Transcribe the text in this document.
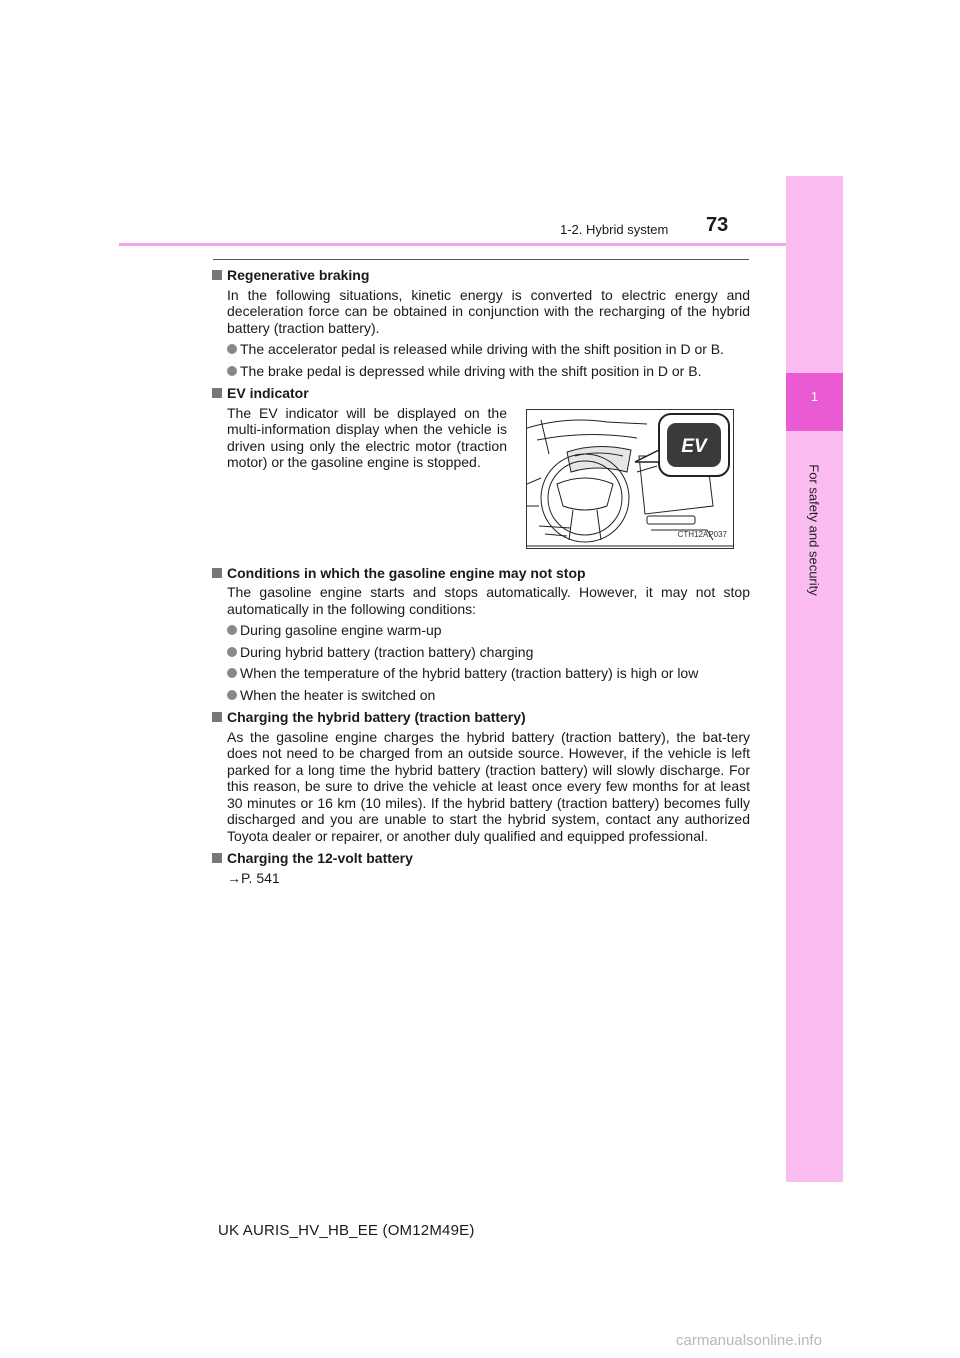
1
For safety and security
1-2. Hybrid system 73

Regenerative braking

In the following situations, kinetic energy is converted to electric energy and deceleration force can be obtained in conjunction with the recharging of the hybrid battery (traction battery).

The accelerator pedal is released while driving with the shift position in D or B.

The brake pedal is depressed while driving with the shift position in D or B.

EV indicator

The EV indicator will be displayed on the multi-information display when the vehicle is driven using only the electric motor (traction motor) or the gasoline engine is stopped.

EV
CTH12AP037

Conditions in which the gasoline engine may not stop

The gasoline engine starts and stops automatically. However, it may not stop automatically in the following conditions:

During gasoline engine warm-up

During hybrid battery (traction battery) charging

When the temperature of the hybrid battery (traction battery) is high or low

When the heater is switched on

Charging the hybrid battery (traction battery)

As the gasoline engine charges the hybrid battery (traction battery), the bat-tery does not need to be charged from an outside source. However, if the vehicle is left parked for a long time the hybrid battery (traction battery) will slowly discharge. For this reason, be sure to drive the vehicle at least once every few months for at least 30 minutes or 16 km (10 miles). If the hybrid battery (traction battery) becomes fully discharged and you are unable to start the hybrid system, contact any authorized Toyota dealer or repairer, or another duly qualified and equipped professional.

Charging the 12-volt battery

→P. 541

UK AURIS_HV_HB_EE (OM12M49E)
carmanualsonline.info
